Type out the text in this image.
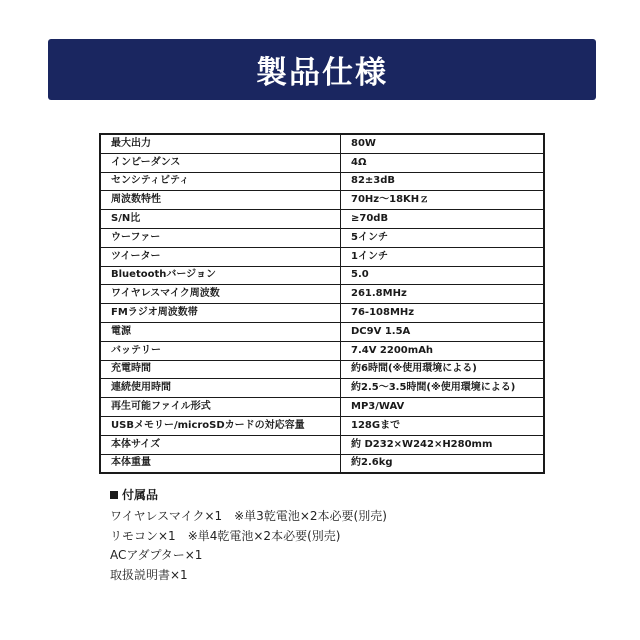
製品仕様
最大出力	80W
インピーダンス	4Ω
センシティビティ	82±3dB
周波数特性	70Hz～18KHｚ
S/N比	≥70dB
ウーファー	5インチ
ツイーター	1インチ
Bluetoothバージョン	5.0
ワイヤレスマイク周波数	261.8MHz
FMラジオ周波数帯	76-108MHz
電源	DC9V 1.5A
バッテリー	7.4V 2200mAh
充電時間	約6時間(※使用環境による)
連続使用時間	約2.5～3.5時間(※使用環境による)
再生可能ファイル形式	MP3/WAV
USBメモリー/microSDカードの対応容量	128Gまで
本体サイズ	約 D232×W242×H280mm
本体重量	約2.6kg
付属品
ワイヤレスマイク×1　※単3乾電池×2本必要(別売)
リモコン×1　※単4乾電池×2本必要(別売)
ACアダプター×1
取扱説明書×1
